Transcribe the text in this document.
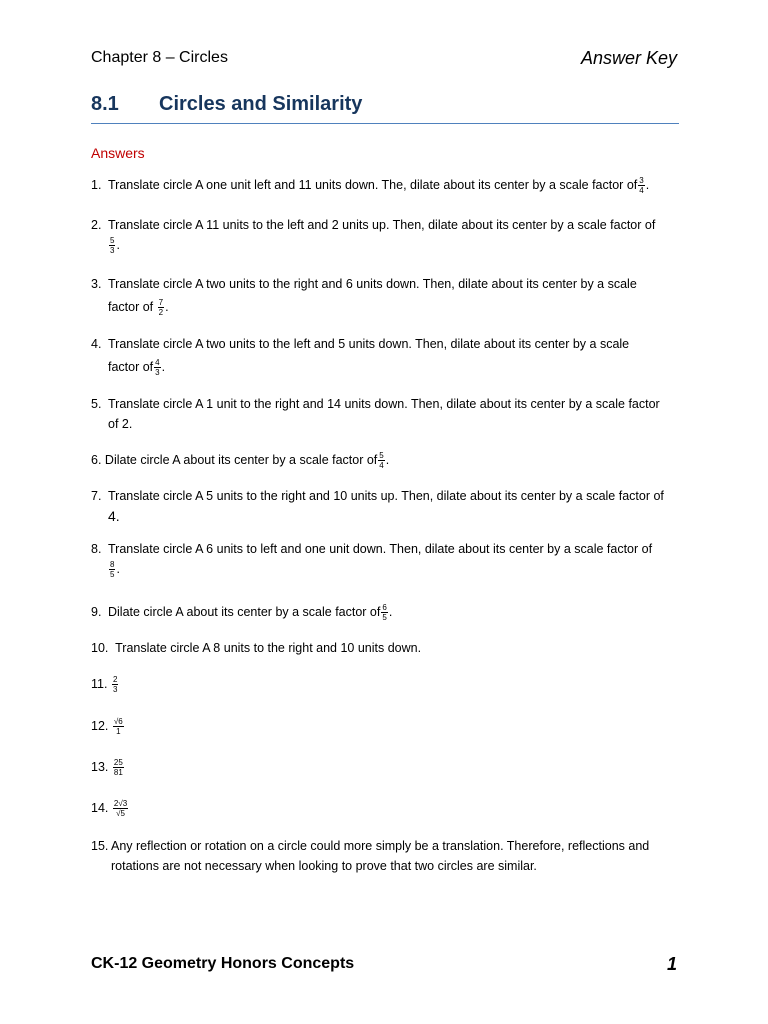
Chapter 8 – Circles	Answer Key
8.1 Circles and Similarity
Answers
1. Translate circle A one unit left and 11 units down. The, dilate about its center by a scale factor of $\frac{3}{4}$ .
2. Translate circle A 11 units to the left and 2 units up. Then, dilate about its center by a scale factor of
$\frac{5}{3}$ .
3. Translate circle A two units to the right and 6 units down. Then, dilate about its center by a scale
factor of $\frac{7}{2}$ .
4. Translate circle A two units to the left and 5 units down. Then, dilate about its center by a scale
factor of $\frac{4}{3}$ .
5. Translate circle A 1 unit to the right and 14 units down. Then, dilate about its center by a scale factor
of 2.
6. Dilate circle A about its center by a scale factor of $\frac{5}{4}$ .
7. Translate circle A 5 units to the right and 10 units up. Then, dilate about its center by a scale factor of
4.
8. Translate circle A 6 units to left and one unit down. Then, dilate about its center by a scale factor of
$\frac{8}{5}$ .
9. Dilate circle A about its center by a scale factor of $\frac{6}{5}$ .
10. Translate circle A 8 units to the right and 10 units down.
11. $\frac{2}{3}$
12. $\frac{√6}{1}$
13. $\frac{25}{81}$
14. $\frac{2√3}{√5}$
15. Any reflection or rotation on a circle could more simply be a translation. Therefore, reflections and
rotations are not necessary when looking to prove that two circles are similar.
CK-12 Geometry Honors Concepts	1
